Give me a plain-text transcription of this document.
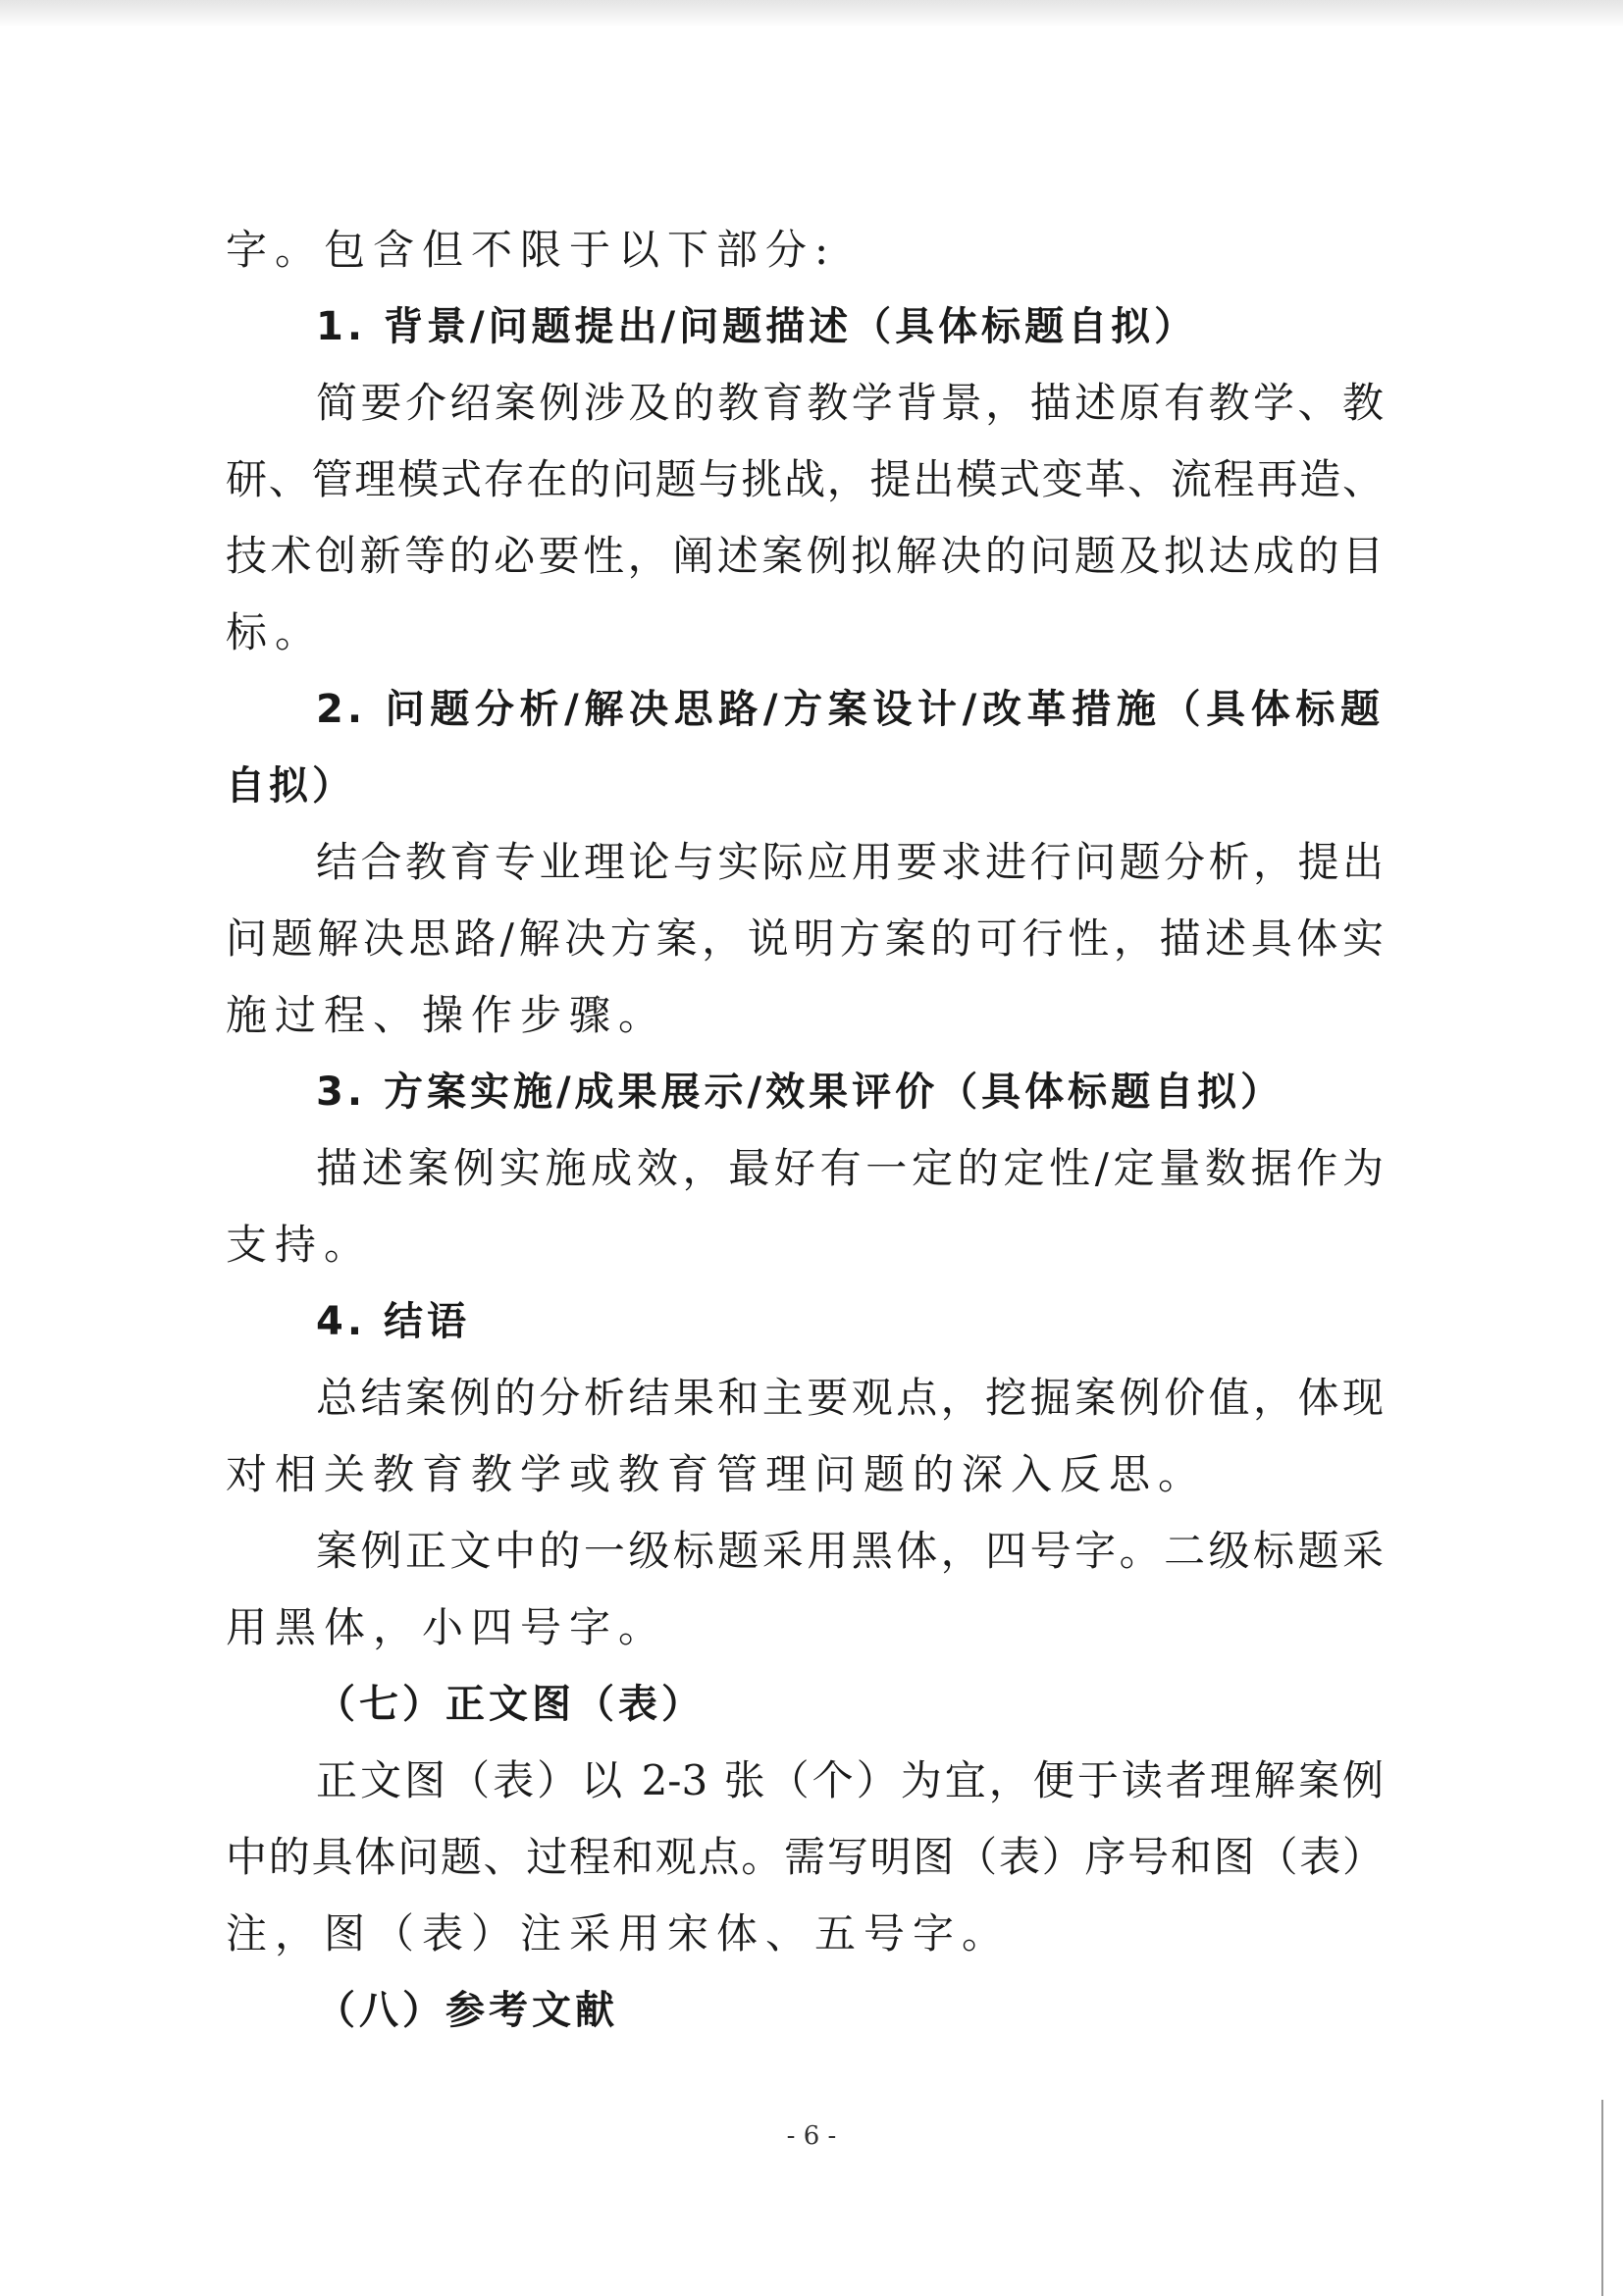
字。包含但不限于以下部分:
1. 背景/问题提出/问题描述（具体标题自拟）
简要介绍案例涉及的教育教学背景，描述原有教学、教
研、管理模式存在的问题与挑战，提出模式变革、流程再造、
技术创新等的必要性，阐述案例拟解决的问题及拟达成的目
标。
2. 问题分析/解决思路/方案设计/改革措施（具体标题
自拟）
结合教育专业理论与实际应用要求进行问题分析，提出
问题解决思路/解决方案，说明方案的可行性，描述具体实
施过程、操作步骤。
3. 方案实施/成果展示/效果评价（具体标题自拟）
描述案例实施成效，最好有一定的定性/定量数据作为
支持。
4. 结语
总结案例的分析结果和主要观点，挖掘案例价值，体现
对相关教育教学或教育管理问题的深入反思。
案例正文中的一级标题采用黑体，四号字。二级标题采
用黑体，小四号字。
（七）正文图（表）
正文图（表）以 2-3 张（个）为宜，便于读者理解案例
中的具体问题、过程和观点。需写明图（表）序号和图（表）
注，图（表）注采用宋体、五号字。
（八）参考文献
- 6 -
